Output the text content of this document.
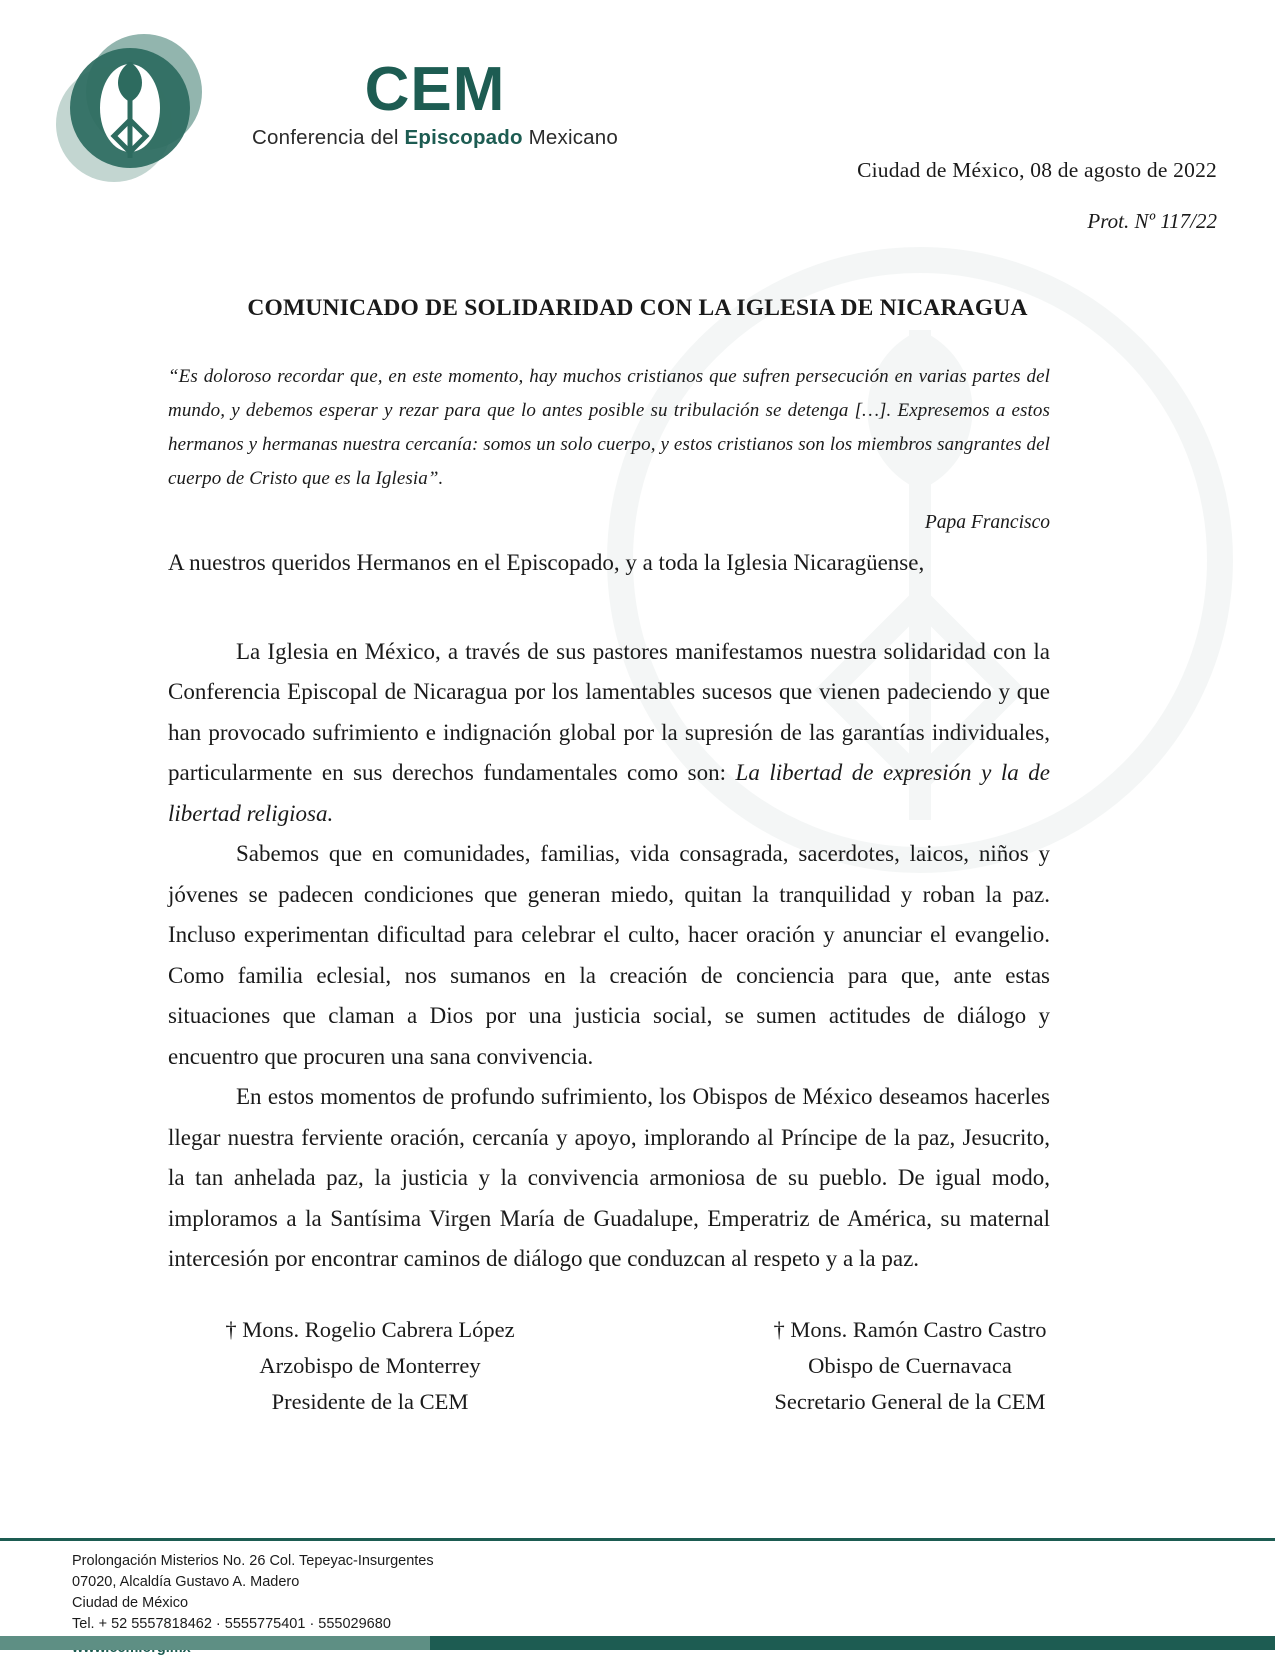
CEM
Conferencia del Episcopado Mexicano
Ciudad de México, 08 de agosto de 2022
Prot. Nº 117/22
COMUNICADO DE SOLIDARIDAD CON LA IGLESIA DE NICARAGUA
“Es doloroso recordar que, en este momento, hay muchos cristianos que sufren persecución en varias partes del mundo, y debemos esperar y rezar para que lo antes posible su tribulación se detenga […]. Expresemos a estos hermanos y hermanas nuestra cercanía: somos un solo cuerpo, y estos cristianos son los miembros sangrantes del cuerpo de Cristo que es la Iglesia”.
Papa Francisco

A nuestros queridos Hermanos en el Episcopado, y a toda la Iglesia Nicaragüense,

La Iglesia en México, a través de sus pastores manifestamos nuestra solidaridad con la Conferencia Episcopal de Nicaragua por los lamentables sucesos que vienen padeciendo y que han provocado sufrimiento e indignación global por la supresión de las garantías individuales, particularmente en sus derechos fundamentales como son: La libertad de expresión y la de libertad religiosa.

Sabemos que en comunidades, familias, vida consagrada, sacerdotes, laicos, niños y jóvenes se padecen condiciones que generan miedo, quitan la tranquilidad y roban la paz. Incluso experimentan dificultad para celebrar el culto, hacer oración y anunciar el evangelio. Como familia eclesial, nos sumanos en la creación de conciencia para que, ante estas situaciones que claman a Dios por una justicia social, se sumen actitudes de diálogo y encuentro que procuren una sana convivencia.

En estos momentos de profundo sufrimiento, los Obispos de México deseamos hacerles llegar nuestra ferviente oración, cercanía y apoyo, implorando al Príncipe de la paz, Jesucrito, la tan anhelada paz, la justicia y la convivencia armoniosa de su pueblo. De igual modo, imploramos a la Santísima Virgen María de Guadalupe, Emperatriz de América, su maternal intercesión por encontrar caminos de diálogo que conduzcan al respeto y a la paz.

† Mons. Rogelio Cabrera López
Arzobispo de Monterrey
Presidente de la CEM
† Mons. Ramón Castro Castro
Obispo de Cuernavaca
Secretario General de la CEM
Prolongación Misterios No. 26 Col. Tepeyac-Insurgentes
07020, Alcaldía Gustavo A. Madero
Ciudad de México
Tel. + 52 5557818462 · 5555775401 · 555029680
